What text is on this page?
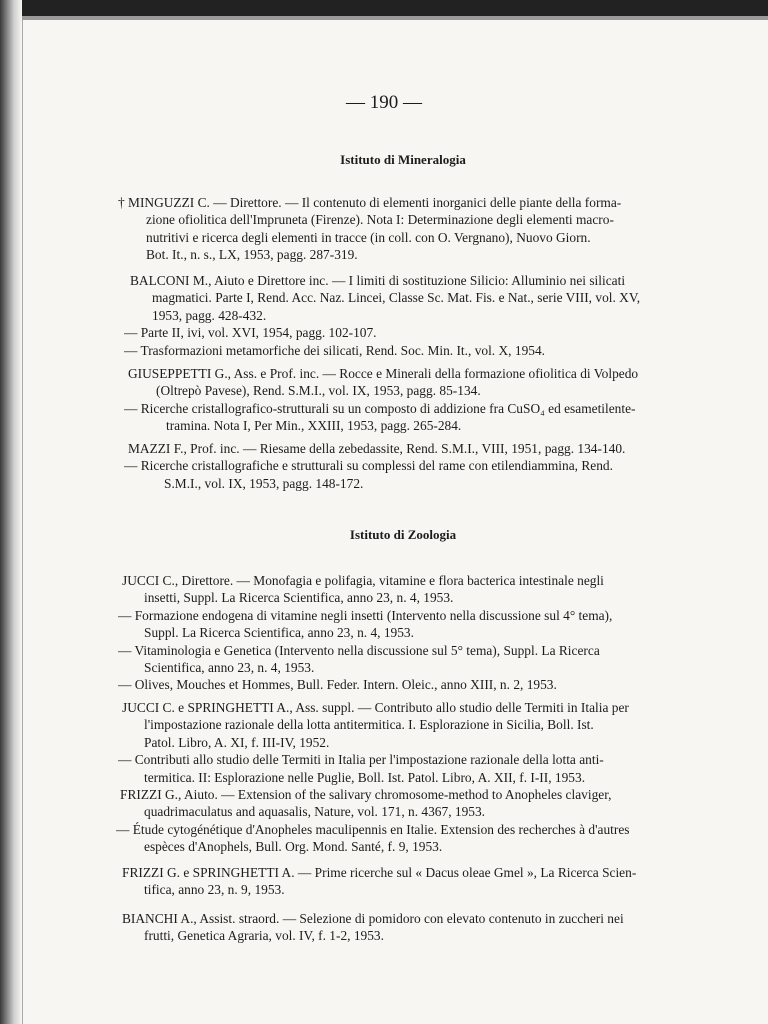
— 190 —
Istituto di Mineralogia
† MINGUZZI C. — Direttore. — Il contenuto di elementi inorganici delle piante della forma-
zione ofiolitica dell'Impruneta (Firenze). Nota I: Determinazione degli elementi macro-
nutritivi e ricerca degli elementi in tracce (in coll. con O. Vergnano), Nuovo Giorn.
Bot. It., n. s., LX, 1953, pagg. 287-319.
BALCONI M., Aiuto e Direttore inc. — I limiti di sostituzione Silicio: Alluminio nei silicati
magmatici. Parte I, Rend. Acc. Naz. Lincei, Classe Sc. Mat. Fis. e Nat., serie VIII, vol. XV,
1953, pagg. 428-432.
— Parte II, ivi, vol. XVI, 1954, pagg. 102-107.
— Trasformazioni metamorfiche dei silicati, Rend. Soc. Min. It., vol. X, 1954.
GIUSEPPETTI G., Ass. e Prof. inc. — Rocce e Minerali della formazione ofiolitica di Volpedo
(Oltrepò Pavese), Rend. S.M.I., vol. IX, 1953, pagg. 85-134.
— Ricerche cristallografico-strutturali su un composto di addizione fra CuSO₄ ed esametilente-
tramina. Nota I, Per Min., XXIII, 1953, pagg. 265-284.
MAZZI F., Prof. inc. — Riesame della zebedassite, Rend. S.M.I., VIII, 1951, pagg. 134-140.
— Ricerche cristallografiche e strutturali su complessi del rame con etilendiammina, Rend.
S.M.I., vol. IX, 1953, pagg. 148-172.
Istituto di Zoologia
JUCCI C., Direttore. — Monofagia e polifagia, vitamine e flora bacterica intestinale negli
insetti, Suppl. La Ricerca Scientifica, anno 23, n. 4, 1953.
— Formazione endogena di vitamine negli insetti (Intervento nella discussione sul 4° tema),
Suppl. La Ricerca Scientifica, anno 23, n. 4, 1953.
— Vitaminologia e Genetica (Intervento nella discussione sul 5° tema), Suppl. La Ricerca
Scientifica, anno 23, n. 4, 1953.
— Olives, Mouches et Hommes, Bull. Feder. Intern. Oleic., anno XIII, n. 2, 1953.
JUCCI C. e SPRINGHETTI A., Ass. suppl. — Contributo allo studio delle Termiti in Italia per
l'impostazione razionale della lotta antitermitica. I. Esplorazione in Sicilia, Boll. Ist.
Patol. Libro, A. XI, f. III-IV, 1952.
— Contributi allo studio delle Termiti in Italia per l'impostazione razionale della lotta anti-
termitica. II: Esplorazione nelle Puglie, Boll. Ist. Patol. Libro, A. XII, f. I-II, 1953.
FRIZZI G., Aiuto. — Extension of the salivary chromosome-method to Anopheles claviger,
quadrimaculatus and aquasalis, Nature, vol. 171, n. 4367, 1953.
— Étude cytogénétique d'Anopheles maculipennis en Italie. Extension des recherches à d'autres
espèces d'Anophels, Bull. Org. Mond. Santé, f. 9, 1953.
FRIZZI G. e SPRINGHETTI A. — Prime ricerche sul « Dacus oleae Gmel », La Ricerca Scien-
tifica, anno 23, n. 9, 1953.
BIANCHI A., Assist. straord. — Selezione di pomidoro con elevato contenuto in zuccheri nei
frutti, Genetica Agraria, vol. IV, f. 1-2, 1953.
